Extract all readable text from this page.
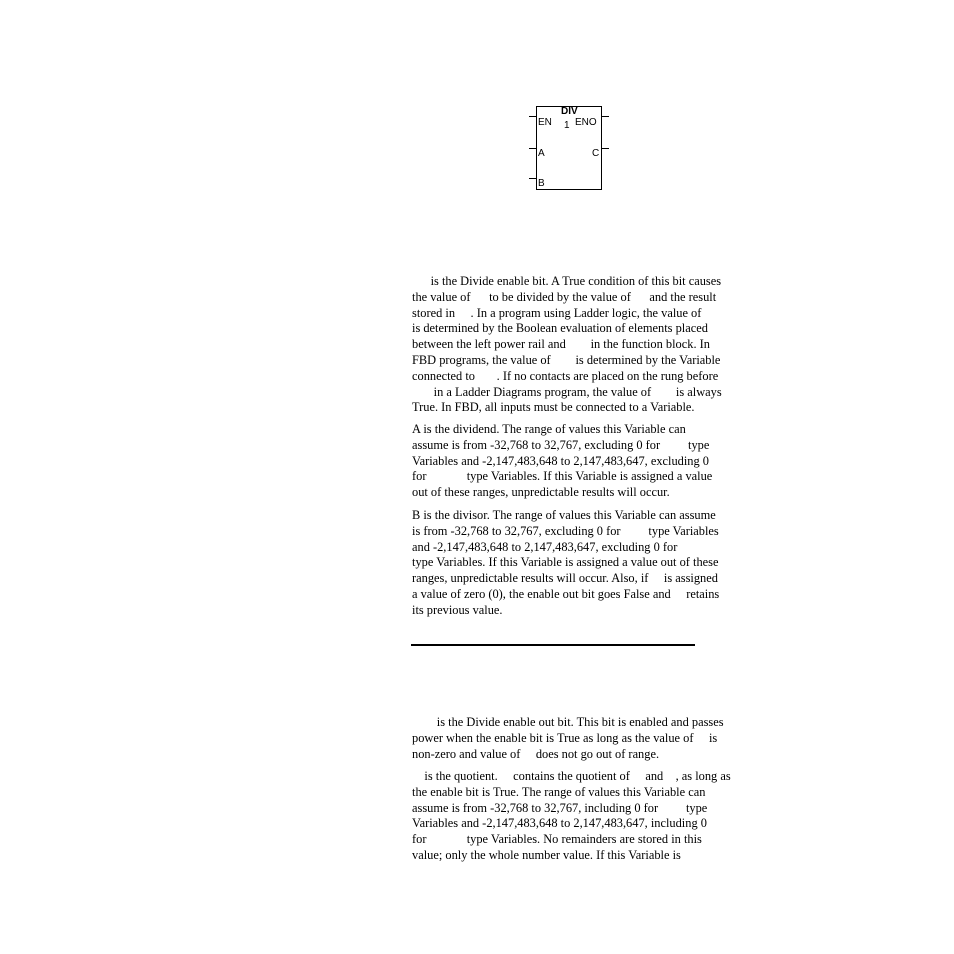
DIV
1
EN
A
B
ENO
C
is the Divide enable bit. A True condition of this bit causes
the value of      to be divided by the value of      and the result
stored in     . In a program using Ladder logic, the value of
is determined by the Boolean evaluation of elements placed
between the left power rail and        in the function block. In
FBD programs, the value of        is determined by the Variable
connected to       . If no contacts are placed on the rung before
in a Ladder Diagrams program, the value of        is always
True. In FBD, all inputs must be connected to a Variable.
A is the dividend. The range of values this Variable can
assume is from -32,768 to 32,767, excluding 0 for         type
Variables and -2,147,483,648 to 2,147,483,647, excluding 0
for             type Variables. If this Variable is assigned a value
out of these ranges, unpredictable results will occur.
B is the divisor. The range of values this Variable can assume
is from -32,768 to 32,767, excluding 0 for         type Variables
and -2,147,483,648 to 2,147,483,647, excluding 0 for
type Variables. If this Variable is assigned a value out of these
ranges, unpredictable results will occur. Also, if     is assigned
a value of zero (0), the enable out bit goes False and     retains
its previous value.
is the Divide enable out bit. This bit is enabled and passes
power when the enable bit is True as long as the value of     is
non-zero and value of     does not go out of range.
is the quotient.     contains the quotient of     and    , as long as
the enable bit is True. The range of values this Variable can
assume is from -32,768 to 32,767, including 0 for         type
Variables and -2,147,483,648 to 2,147,483,647, including 0
for             type Variables. No remainders are stored in this
value; only the whole number value. If this Variable is
